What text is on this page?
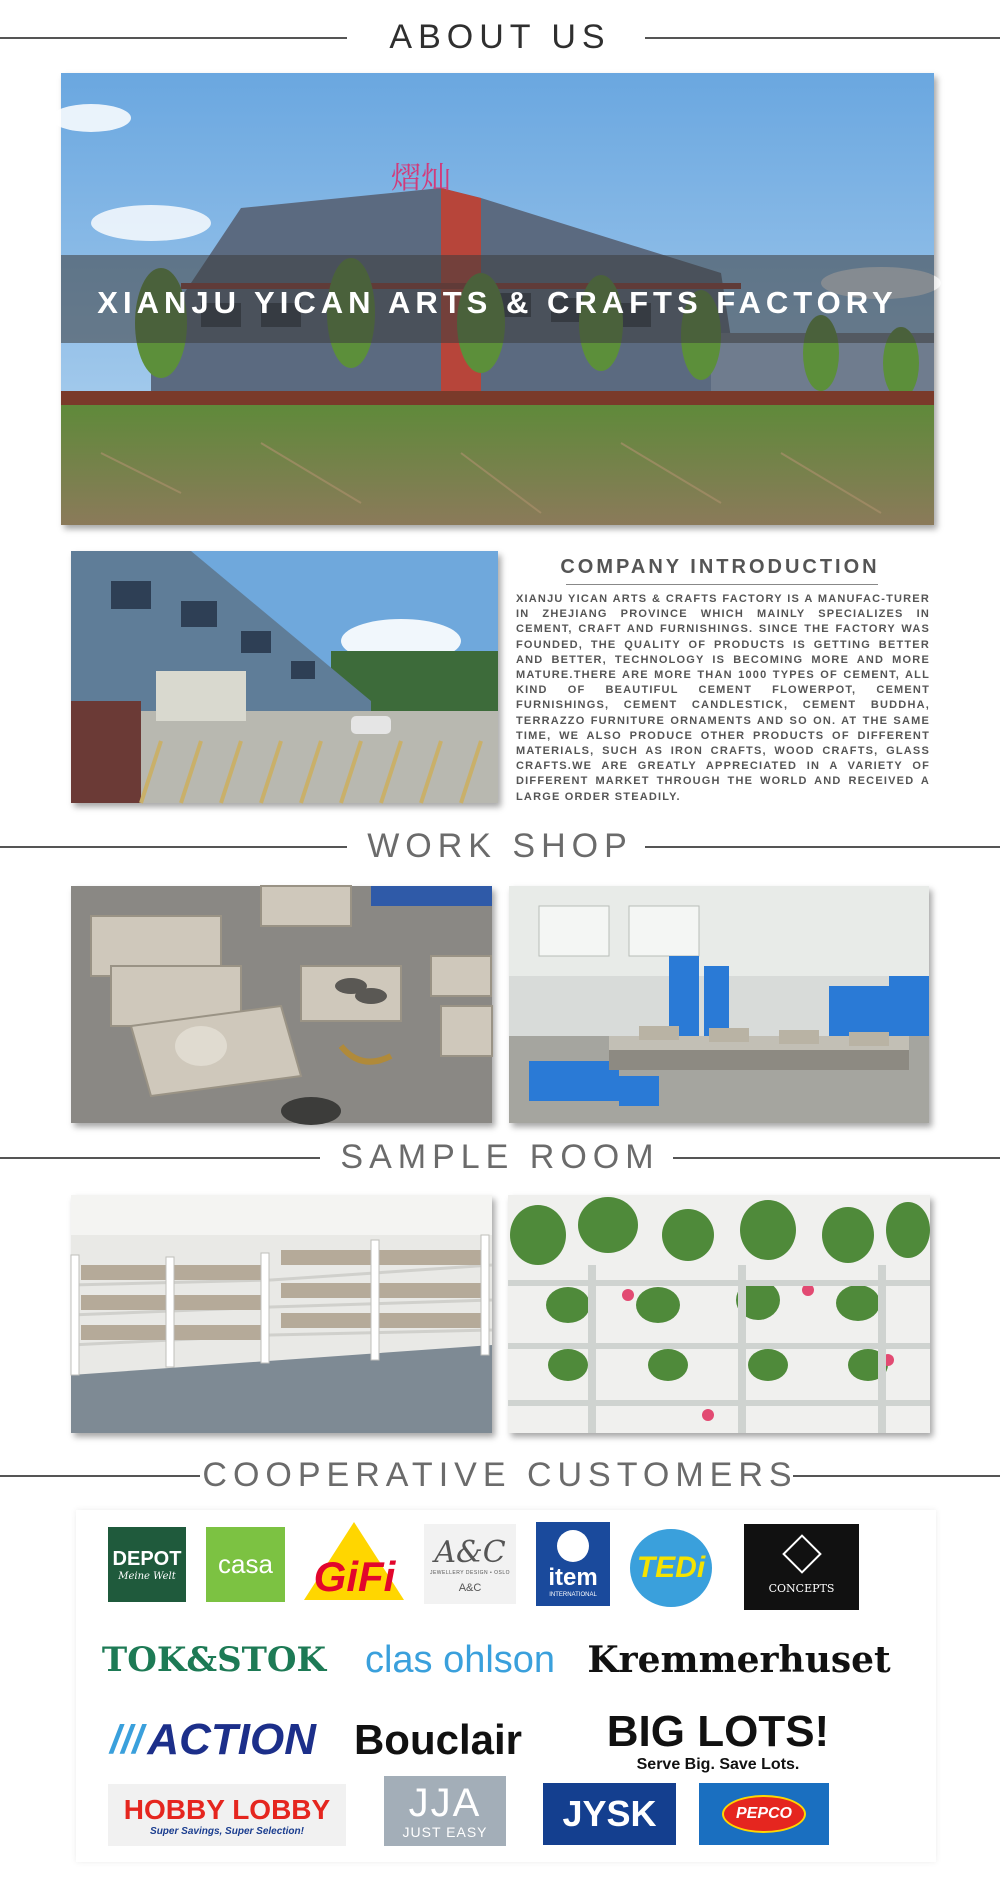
ABOUT US
熠灿
XIANJU YICAN ARTS & CRAFTS FACTORY
COMPANY INTRODUCTION
XIANJU YICAN ARTS & CRAFTS FACTORY IS A MANUFAC-TURER IN ZHEJIANG PROVINCE WHICH MAINLY SPECIALIZES IN CEMENT, CRAFT AND FURNISHINGS. SINCE THE FACTORY WAS FOUNDED, THE QUALITY OF PRODUCTS IS GETTING BETTER AND BETTER, TECHNOLOGY IS BECOMING MORE AND MORE MATURE.THERE ARE MORE THAN 1000 TYPES OF CEMENT, ALL KIND OF BEAUTIFUL CEMENT FLOWERPOT, CEMENT FURNISHINGS, CEMENT CANDLESTICK, CEMENT BUDDHA, TERRAZZO FURNITURE ORNAMENTS AND SO ON. AT THE SAME TIME, WE ALSO PRODUCE OTHER PRODUCTS OF DIFFERENT MATERIALS, SUCH AS IRON CRAFTS, WOOD CRAFTS, GLASS CRAFTS.WE ARE GREATLY APPRECIATED IN A VARIETY OF DIFFERENT MARKET THROUGH THE WORLD AND RECEIVED A LARGE ORDER STEADILY.
WORK SHOP
SAMPLE ROOM
COOPERATIVE CUSTOMERS
DEPOT
Meine Welt casa GiFi
A&C
JEWELLERY DESIGN • OSLO
A&C	item
INTERNATIONAL
TEDi
CONCEPTS
TOK&STOK clas ohlson Kremmerhuset
/// ACTION Bouclair BIG LOTS!
Serve Big. Save Lots.
HOBBY LOBBY
Super Savings, Super Selection!
JJA
JUST EASY JYSK	PEPCO
